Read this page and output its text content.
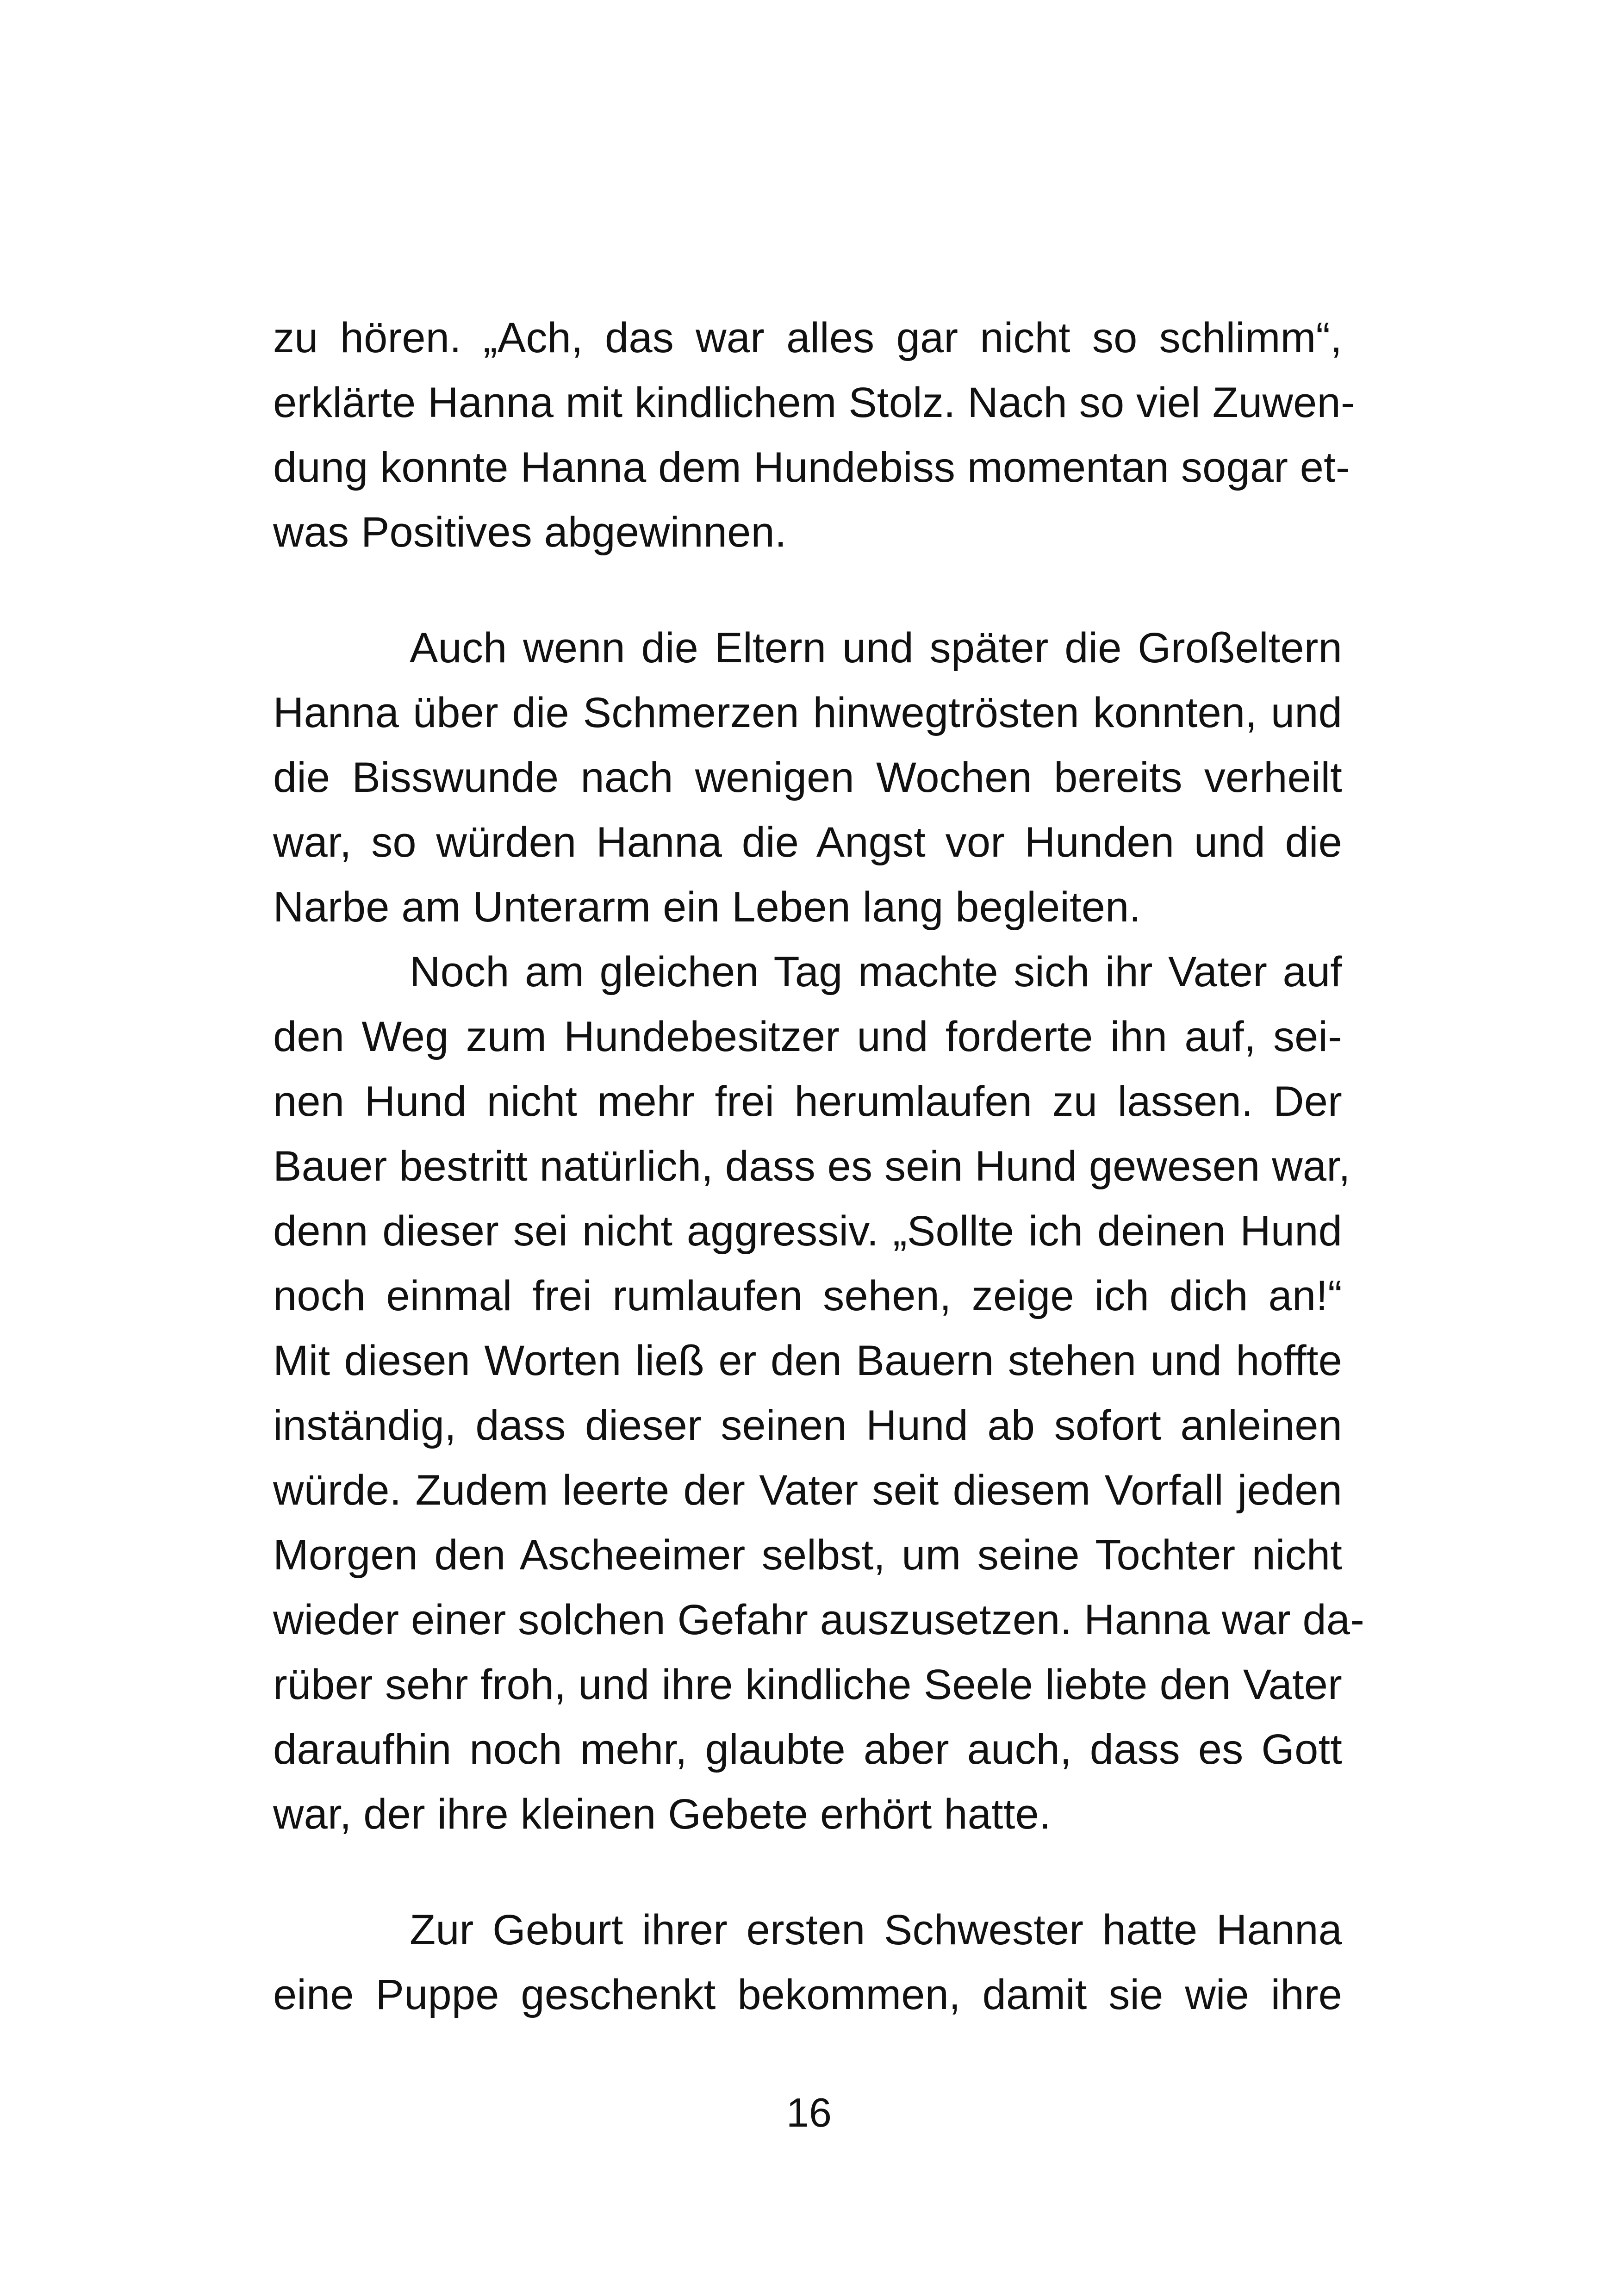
zu hören. „Ach, das war alles gar nicht so schlimm“,
erklärte Hanna mit kindlichem Stolz. Nach so viel Zuwen-
dung konnte Hanna dem Hundebiss momentan sogar et-
was Positives abgewinnen.
Auch wenn die Eltern und später die Großeltern
Hanna über die Schmerzen hinwegtrösten konnten, und
die Bisswunde nach wenigen Wochen bereits verheilt
war, so würden Hanna die Angst vor Hunden und die
Narbe am Unterarm ein Leben lang begleiten.
Noch am gleichen Tag machte sich ihr Vater auf
den Weg zum Hundebesitzer und forderte ihn auf, sei-
nen Hund nicht mehr frei herumlaufen zu lassen. Der
Bauer bestritt natürlich, dass es sein Hund gewesen war,
denn dieser sei nicht aggressiv. „Sollte ich deinen Hund
noch einmal frei rumlaufen sehen, zeige ich dich an!“
Mit diesen Worten ließ er den Bauern stehen und hoffte
inständig, dass dieser seinen Hund ab sofort anleinen
würde. Zudem leerte der Vater seit diesem Vorfall jeden
Morgen den Ascheeimer selbst, um seine Tochter nicht
wieder einer solchen Gefahr auszusetzen. Hanna war da-
rüber sehr froh, und ihre kindliche Seele liebte den Vater
daraufhin noch mehr, glaubte aber auch, dass es Gott
war, der ihre kleinen Gebete erhört hatte.
Zur Geburt ihrer ersten Schwester hatte Hanna
eine Puppe geschenkt bekommen, damit sie wie ihre
16
